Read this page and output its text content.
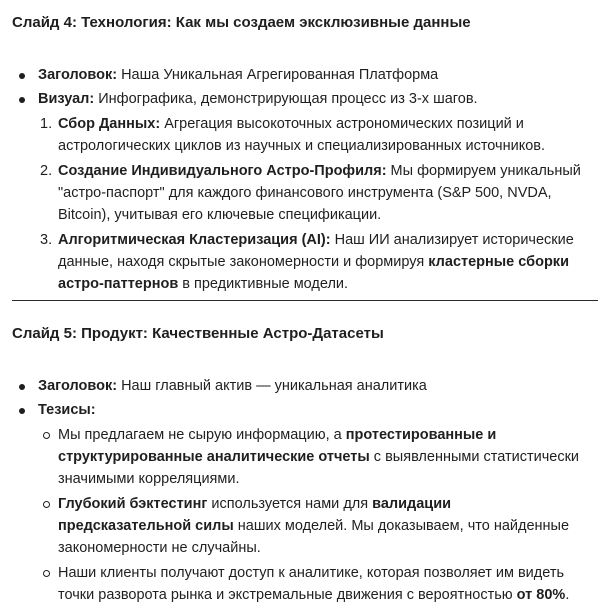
Слайд 4: Технология: Как мы создаем эксклюзивные данные

Заголовок: Наша Уникальная Агрегированная Платформа

Визуал: Инфографика, демонстрирующая процесс из 3-х шагов.

1. Сбор Данных: Агрегация высокоточных астрономических позиций и астрологических циклов из научных и специализированных источников.

2. Создание Индивидуального Астро-Профиля: Мы формируем уникальный "астро-паспорт" для каждого финансового инструмента (S&P 500, NVDA, Bitcoin), учитывая его ключевые спецификации.

3. Алгоритмическая Кластеризация (AI): Наш ИИ анализирует исторические данные, находя скрытые закономерности и формируя кластерные сборки астро-паттернов в предиктивные модели.

Слайд 5: Продукт: Качественные Астро-Датасеты

Заголовок: Наш главный актив — уникальная аналитика

Тезисы:

Мы предлагаем не сырую информацию, а протестированные и структурированные аналитические отчеты с выявленными статистически значимыми корреляциями.

Глубокий бэктестинг используется нами для валидации предсказательной силы наших моделей. Мы доказываем, что найденные закономерности не случайны.

Наши клиенты получают доступ к аналитике, которая позволяет им видеть точки разворота рынка и экстремальные движения с вероятностью от 80%.
